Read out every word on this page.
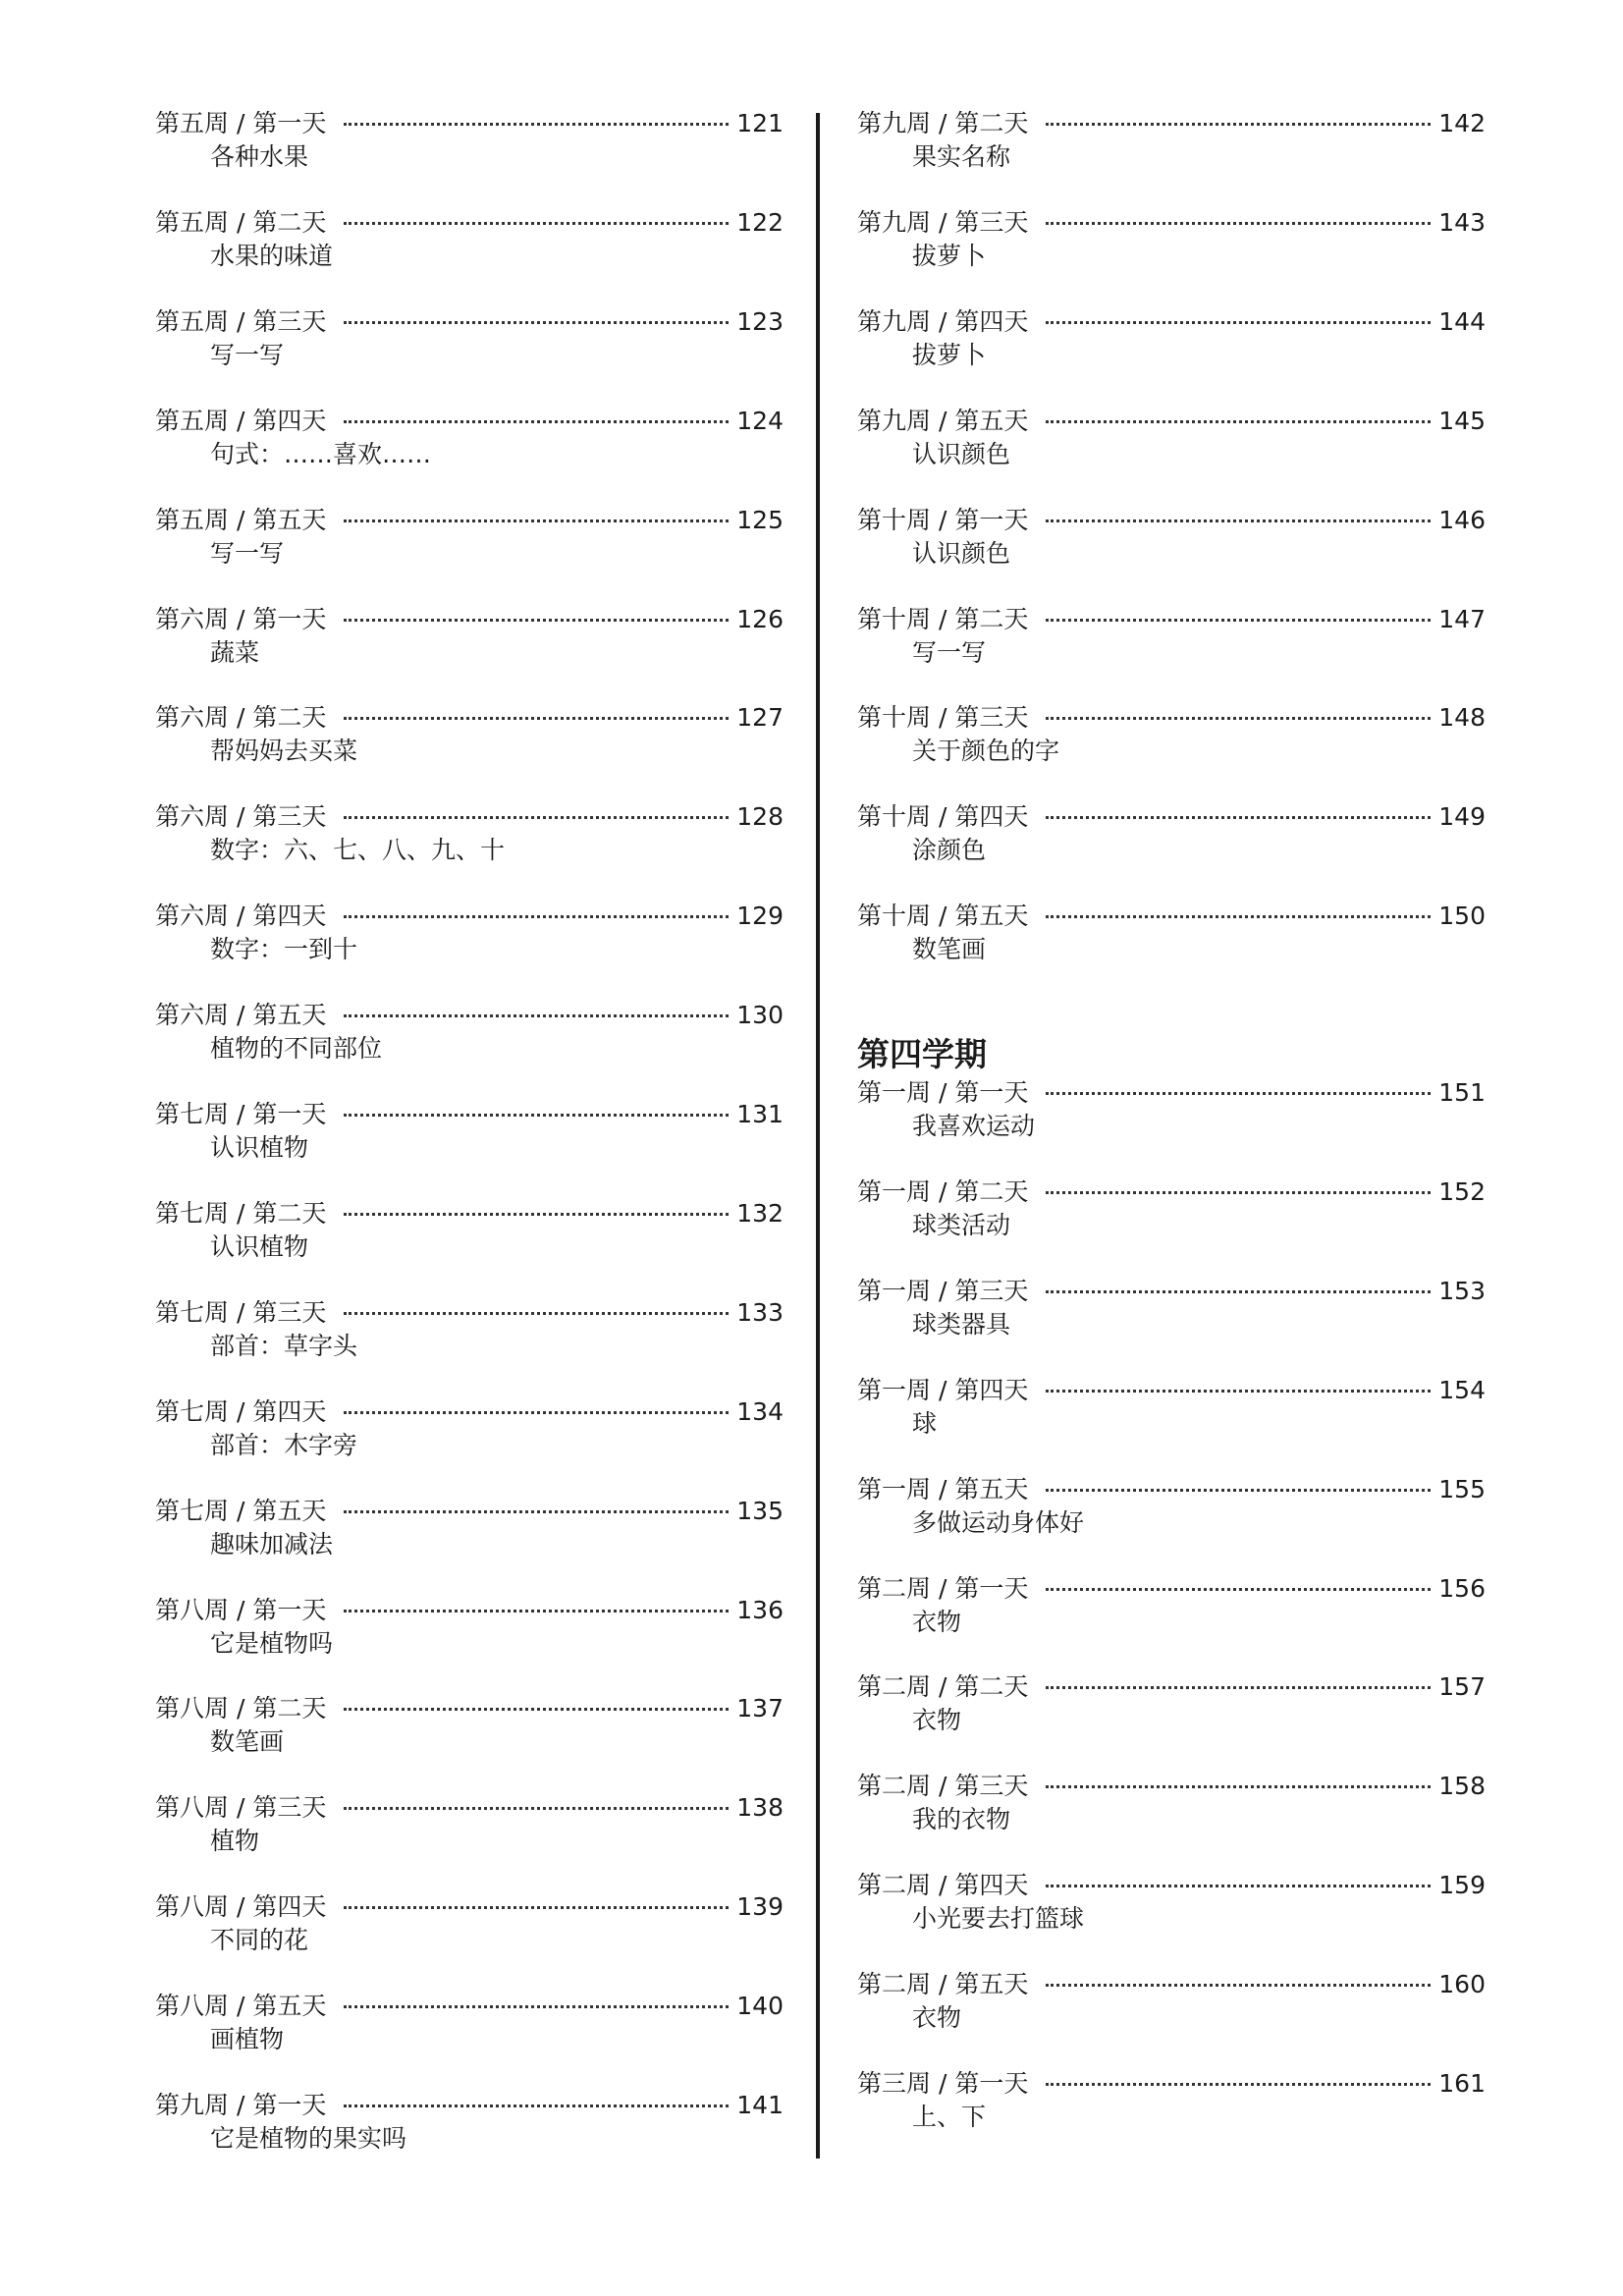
第五周 / 第一天	121
各种水果
第五周 / 第二天	122
水果的味道
第五周 / 第三天	123
写一写
第五周 / 第四天	124
句式：……喜欢……
第五周 / 第五天	125
写一写
第六周 / 第一天	126
蔬菜
第六周 / 第二天	127
帮妈妈去买菜
第六周 / 第三天	128
数字：六、七、八、九、十
第六周 / 第四天	129
数字：一到十
第六周 / 第五天	130
植物的不同部位
第七周 / 第一天	131
认识植物
第七周 / 第二天	132
认识植物
第七周 / 第三天	133
部首：草字头
第七周 / 第四天	134
部首：木字旁
第七周 / 第五天	135
趣味加减法
第八周 / 第一天	136
它是植物吗
第八周 / 第二天	137
数笔画
第八周 / 第三天	138
植物
第八周 / 第四天	139
不同的花
第八周 / 第五天	140
画植物
第九周 / 第一天	141
它是植物的果实吗
第四学期
第九周 / 第二天	142
果实名称
第九周 / 第三天	143
拔萝卜
第九周 / 第四天	144
拔萝卜
第九周 / 第五天	145
认识颜色
第十周 / 第一天	146
认识颜色
第十周 / 第二天	147
写一写
第十周 / 第三天	148
关于颜色的字
第十周 / 第四天	149
涂颜色
第十周 / 第五天	150
数笔画
第一周 / 第一天	151
我喜欢运动
第一周 / 第二天	152
球类活动
第一周 / 第三天	153
球类器具
第一周 / 第四天	154
球
第一周 / 第五天	155
多做运动身体好
第二周 / 第一天	156
衣物
第二周 / 第二天	157
衣物
第二周 / 第三天	158
我的衣物
第二周 / 第四天	159
小光要去打篮球
第二周 / 第五天	160
衣物
第三周 / 第一天	161
上、下
